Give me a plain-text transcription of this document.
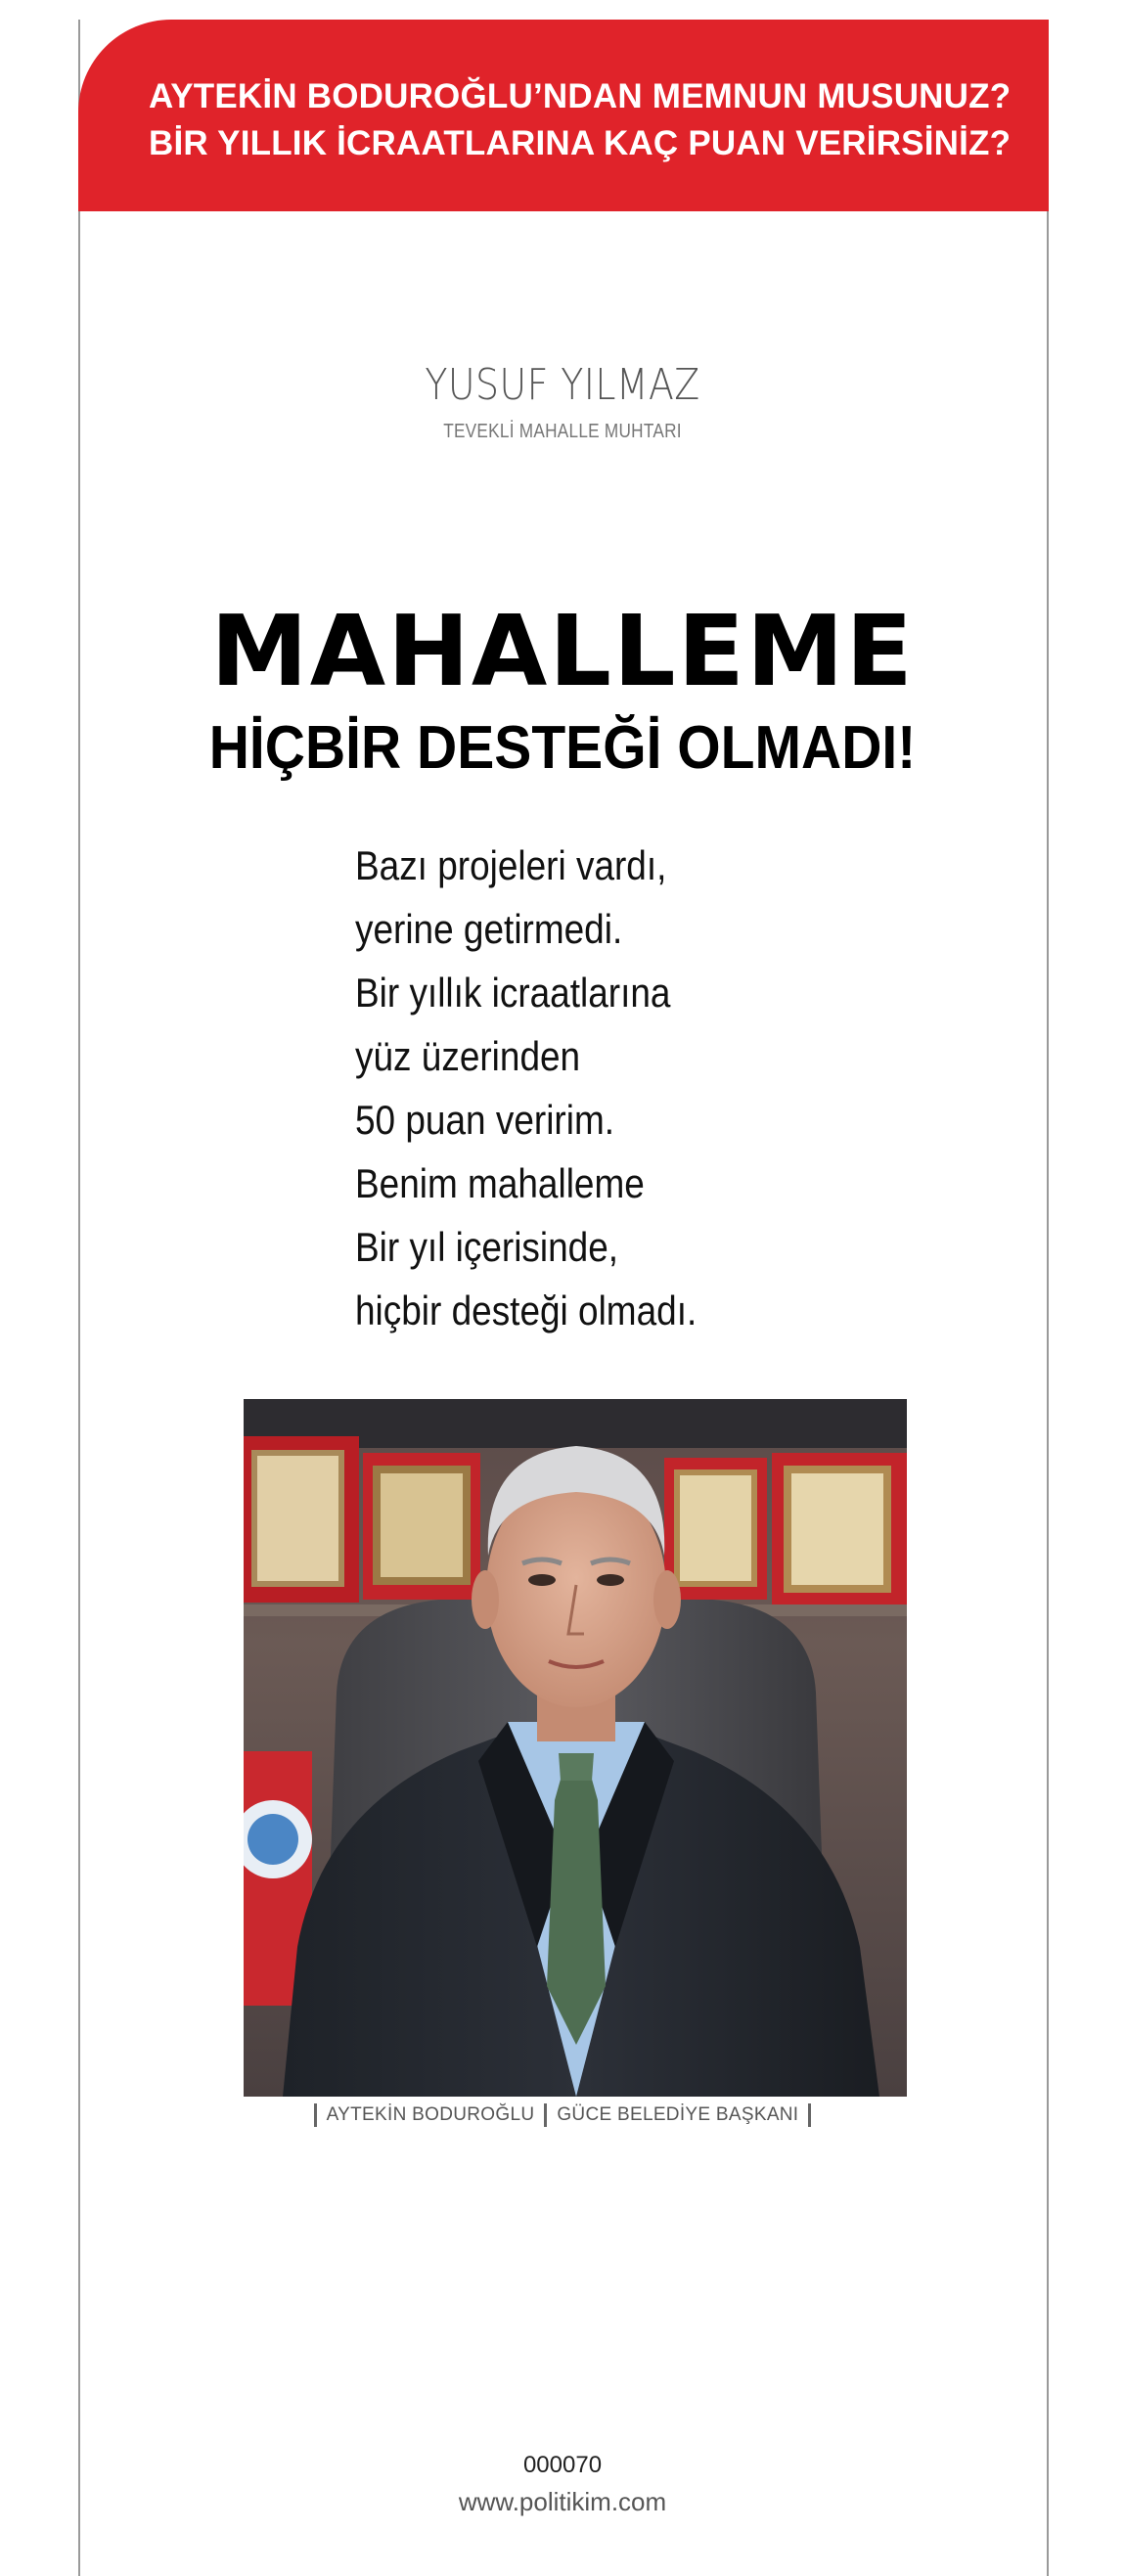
AYTEKİN BODUROĞLU’NDAN MEMNUN MUSUNUZ?
BİR YILLIK İCRAATLARINA KAÇ PUAN VERİRSİNİZ?
YUSUF YILMAZ
TEVEKLİ MAHALLE MUHTARI
MAHALLEME
HİÇBİR DESTEĞİ OLMADI!
Bazı projeleri vardı,
yerine getirmedi.
Bir yıllık icraatlarına
yüz üzerinden
50 puan veririm.
Benim mahalleme
Bir yıl içerisinde,
hiçbir desteği olmadı.
AYTEKİN BODUROĞLU GÜCE BELEDİYE BAŞKANI
000070
www.politikim.com
